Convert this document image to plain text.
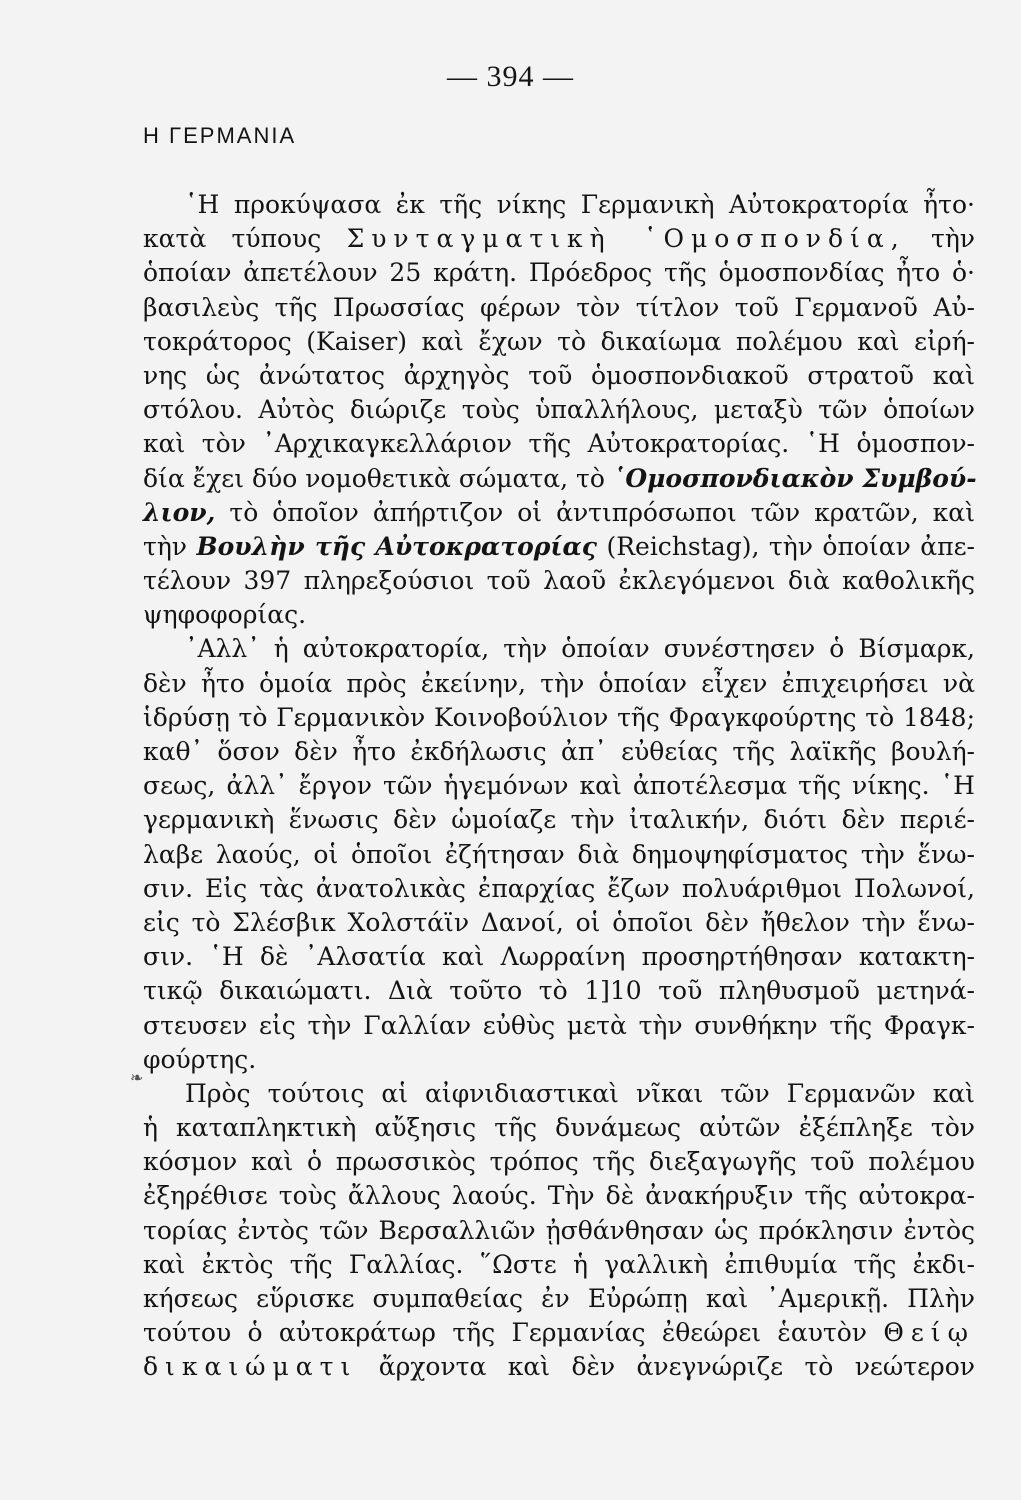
— 394 —
Η ΓΕΡΜΑΝΙΑ
❧
῾Η προκύψασα ἐκ τῆς νίκης Γερμανικὴ Αὐτοκρατορία ἦτο·
κατὰ τύπους Συνταγματικὴ ῾Ομοσπονδία, τὴν
ὁποίαν ἀπετέλουν 25 κράτη. Πρόεδρος τῆς ὁμοσπονδίας ἦτο ὁ·
βασιλεὺς τῆς Πρωσσίας φέρων τὸν τίτλον τοῦ Γερμανοῦ Αὐ-
τοκράτορος (Kaiser) καὶ ἔχων τὸ δικαίωμα πολέμου καὶ εἰρή-
νης ὡς ἀνώτατος ἀρχηγὸς τοῦ ὁμοσπονδιακοῦ στρατοῦ καὶ
στόλου. Αὐτὸς διώριζε τοὺς ὑπαλλήλους, μεταξὺ τῶν ὁποίων
καὶ τὸν ᾿Αρχικαγκελλάριον τῆς Αὐτοκρατορίας. ῾Η ὁμοσπον-
δία ἔχει δύο νομοθετικὰ σώματα, τὸ ῾Ομοσπονδιακὸν Συμβού-
λιον, τὸ ὁποῖον ἀπήρτιζον οἱ ἀντιπρόσωποι τῶν κρατῶν, καὶ
τὴν Βουλὴν τῆς Αὐτοκρατορίας (Reichstag), τὴν ὁποίαν ἀπε-
τέλουν 397 πληρεξούσιοι τοῦ λαοῦ ἐκλεγόμενοι διὰ καθολικῆς
ψηφοφορίας.
᾿Αλλ᾿ ἡ αὐτοκρατορία, τὴν ὁποίαν συνέστησεν ὁ Βίσμαρκ,
δὲν ἦτο ὁμοία πρὸς ἐκείνην, τὴν ὁποίαν εἶχεν ἐπιχειρήσει νὰ
ἱδρύσῃ τὸ Γερμανικὸν Κοινοβούλιον τῆς Φραγκφούρτης τὸ 1848;
καθ᾿ ὅσον δὲν ἦτο ἐκδήλωσις ἀπ᾿ εὐθείας τῆς λαϊκῆς βουλή-
σεως, ἀλλ᾿ ἔργον τῶν ἡγεμόνων καὶ ἀποτέλεσμα τῆς νίκης. ῾Η
γερμανικὴ ἕνωσις δὲν ὡμοίαζε τὴν ἰταλικήν, διότι δὲν περιέ-
λαβε λαούς, οἱ ὁποῖοι ἐζήτησαν διὰ δημοψηφίσματος τὴν ἕνω-
σιν. Εἰς τὰς ἀνατολικὰς ἐπαρχίας ἔζων πολυάριθμοι Πολωνοί,
εἰς τὸ Σλέσβικ Χολστάϊν Δανοί, οἱ ὁποῖοι δὲν ἤθελον τὴν ἕνω-
σιν. ῾Η δὲ ᾿Αλσατία καὶ Λωρραίνη προσηρτήθησαν κατακτη-
τικῷ δικαιώματι. Διὰ τοῦτο τὸ 1]10 τοῦ πληθυσμοῦ μετηνά-
στευσεν εἰς τὴν Γαλλίαν εὐθὺς μετὰ τὴν συνθήκην τῆς Φραγκ-
φούρτης.
Πρὸς τούτοις αἱ αἰφνιδιαστικαὶ νῖκαι τῶν Γερμανῶν καὶ
ἡ καταπληκτικὴ αὔξησις τῆς δυνάμεως αὐτῶν ἐξέπληξε τὸν
κόσμον καὶ ὁ πρωσσικὸς τρόπος τῆς διεξαγωγῆς τοῦ πολέμου
ἐξηρέθισε τοὺς ἄλλους λαούς. Τὴν δὲ ἀνακήρυξιν τῆς αὐτοκρα-
τορίας ἐντὸς τῶν Βερσαλλιῶν ᾐσθάνθησαν ὡς πρόκλησιν ἐντὸς
καὶ ἐκτὸς τῆς Γαλλίας. ῞Ωστε ἡ γαλλικὴ ἐπιθυμία τῆς ἐκδι-
κήσεως εὕρισκε συμπαθείας ἐν Εὐρώπῃ καὶ ᾿Αμερικῇ. Πλὴν
τούτου ὁ αὐτοκράτωρ τῆς Γερμανίας ἐθεώρει ἑαυτὸν Θείῳ
δικαιώματι ἄρχοντα καὶ δὲν ἀνεγνώριζε τὸ νεώτερον
